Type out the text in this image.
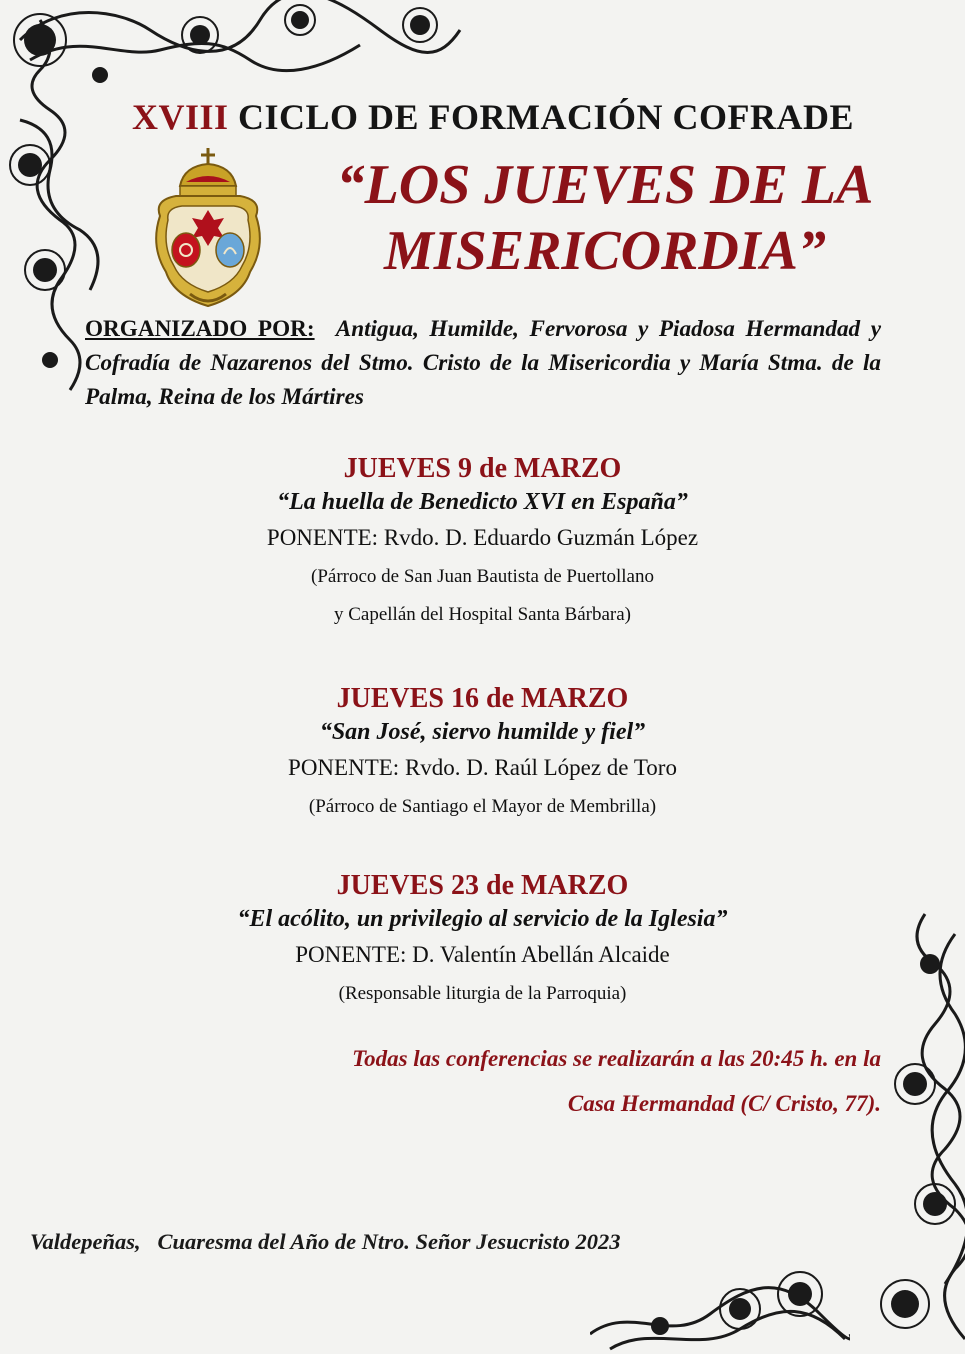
XVIII CICLO DE FORMACIÓN COFRADE
“LOS JUEVES DE LA
MISERICORDIA”
ORGANIZADO POR: Antigua, Humilde, Fervorosa y Piadosa Hermandad y Cofradía de Nazarenos del Stmo. Cristo de la Misericordia y María Stma. de la Palma, Reina de los Mártires
JUEVES 9 de MARZO
“La huella de Benedicto XVI en España”
PONENTE: Rvdo. D. Eduardo Guzmán López
(Párroco de San Juan Bautista de Puertollano
y Capellán del Hospital Santa Bárbara)
JUEVES 16 de MARZO
“San José, siervo humilde y fiel”
PONENTE: Rvdo. D. Raúl López de Toro
(Párroco de Santiago el Mayor de Membrilla)
JUEVES 23 de MARZO
“El acólito, un privilegio al servicio de la Iglesia”
PONENTE: D. Valentín Abellán Alcaide
(Responsable liturgia de la Parroquia)
Todas las conferencias se realizarán a las 20:45 h. en la
Casa Hermandad (C/ Cristo, 77).
Valdepeñas,   Cuaresma del Año de Ntro. Señor Jesucristo 2023
